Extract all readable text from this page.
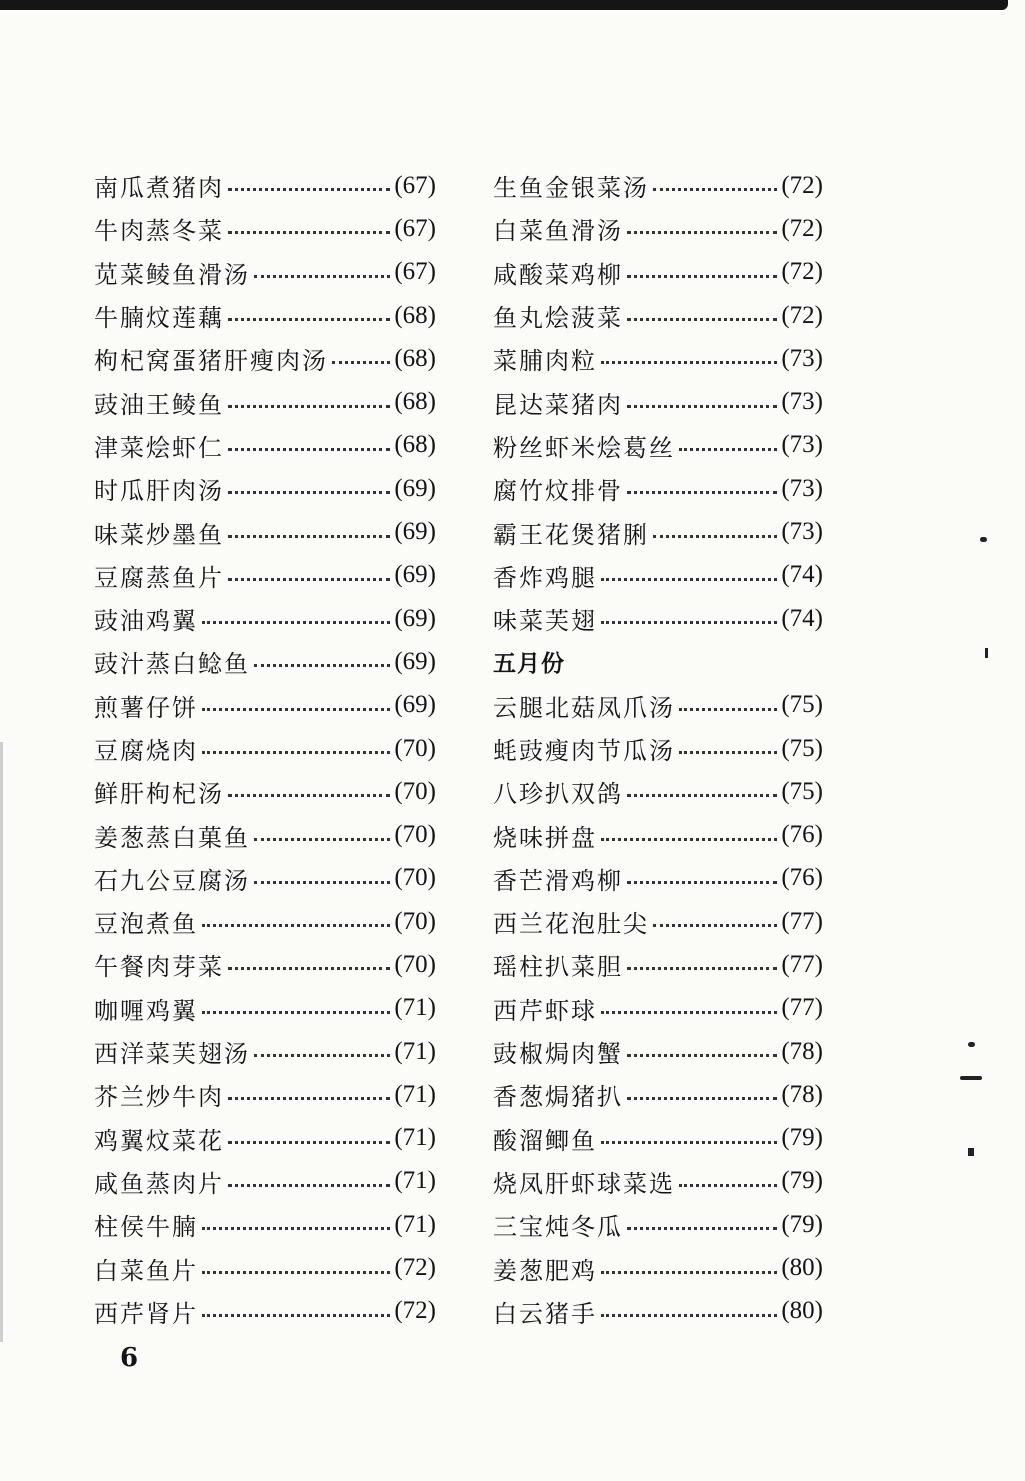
南瓜煮猪肉	(67)
牛肉蒸冬菜	(67)
苋菜鲮鱼滑汤	(67)
牛腩炆莲藕	(68)
枸杞窝蛋猪肝瘦肉汤	(68)
豉油王鲮鱼	(68)
津菜烩虾仁	(68)
时瓜肝肉汤	(69)
味菜炒墨鱼	(69)
豆腐蒸鱼片	(69)
豉油鸡翼	(69)
豉汁蒸白鲶鱼	(69)
煎薯仔饼	(69)
豆腐烧肉	(70)
鲜肝枸杞汤	(70)
姜葱蒸白菓鱼	(70)
石九公豆腐汤	(70)
豆泡煮鱼	(70)
午餐肉芽菜	(70)
咖喱鸡翼	(71)
西洋菜芙翅汤	(71)
芥兰炒牛肉	(71)
鸡翼炆菜花	(71)
咸鱼蒸肉片	(71)
柱侯牛腩	(71)
白菜鱼片	(72)
西芹肾片	(72)
生鱼金银菜汤	(72)
白菜鱼滑汤	(72)
咸酸菜鸡柳	(72)
鱼丸烩菠菜	(72)
菜脯肉粒	(73)
昆达菜猪肉	(73)
粉丝虾米烩葛丝	(73)
腐竹炆排骨	(73)
霸王花煲猪脷	(73)
香炸鸡腿	(74)
味菜芙翅	(74)
五月份
云腿北菇凤爪汤	(75)
蚝豉瘦肉节瓜汤	(75)
八珍扒双鸽	(75)
烧味拼盘	(76)
香芒滑鸡柳	(76)
西兰花泡肚尖	(77)
瑶柱扒菜胆	(77)
西芹虾球	(77)
豉椒焗肉蟹	(78)
香葱焗猪扒	(78)
酸溜鲫鱼	(79)
烧凤肝虾球菜选	(79)
三宝炖冬瓜	(79)
姜葱肥鸡	(80)
白云猪手	(80)
6
